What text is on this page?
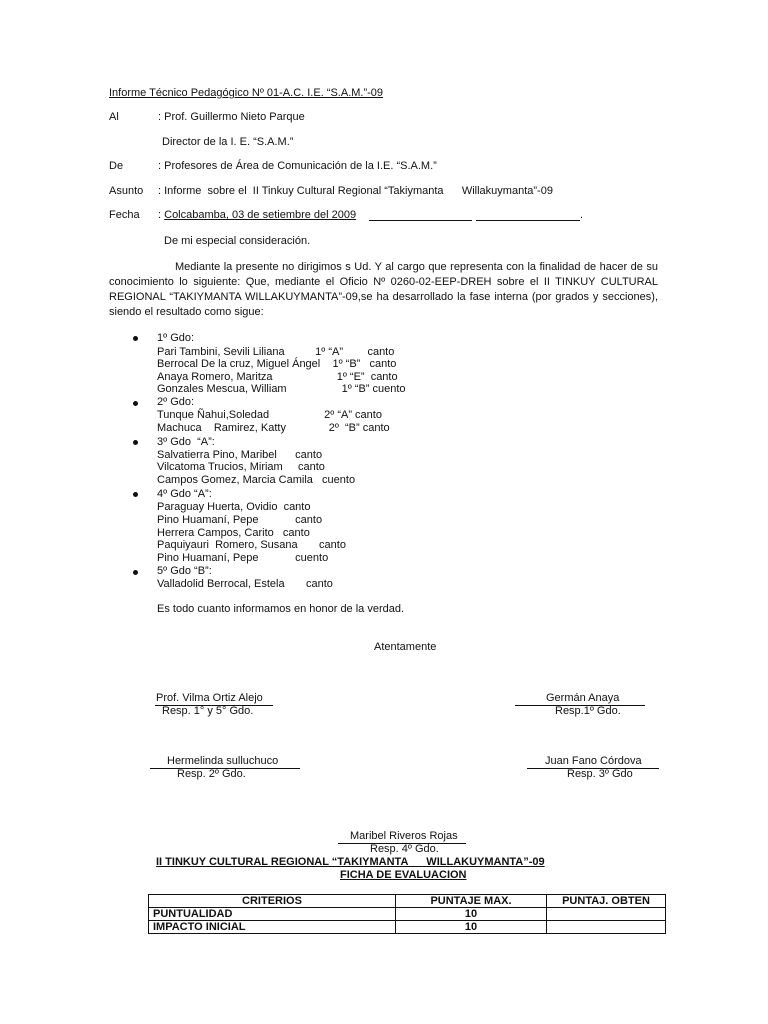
Informe Técnico Pedagógico Nº 01-A.C. I.E. “S.A.M.”-09
Al	: Prof. Guillermo Nieto Parque
Director de la I. E. “S.A.M.”
De	: Profesores de Área de Comunicación de la I.E. “S.A.M.”
Asunto : Informe  sobre el  II Tinkuy Cultural Regional “Takiymanta      Willakuymanta”-09
Fecha : Colcabamba, 03 de setiembre del 2009	.
De mi especial consideración.
Mediante la presente no dirigimos s Ud. Y al cargo que representa con la finalidad de hacer de su conocimiento lo siguiente: Que, mediante el Oficio Nº 0260-02-EEP-DREH sobre el II TINKUY CULTURAL REGIONAL “TAKIYMANTA WILLAKUYMANTA”-09,se ha desarrollado la fase interna (por grados y secciones), siendo el resultado como sigue:
1º Gdo:
Pari Tambini, Sevili Liliana          1º “A”        canto
Berrocal De la cruz, Miguel Ángel    1º “B”   canto
Anaya Romero, Maritza                     1º “E”  canto
Gonzales Mescua, William                  1º “B” cuento
2º Gdo:
Tunque Ñahui,Soledad                  2º “A” canto
Machuca    Ramirez, Katty              2º  “B” canto
3º Gdo  “A”:
Salvatierra Pino, Maribel      canto
Vilcatoma Trucios, Miriam     canto
Campos Gomez, Marcia Camila   cuento
4º Gdo “A”:
Paraguay Huerta, Ovidio  canto
Pino Huamaní, Pepe            canto
Herrera Campos, Carito   canto
Paquiyauri  Romero, Susana       canto
Pino Huamaní, Pepe            cuento
5º Gdo “B”:
Valladolid Berrocal, Estela       canto
Es todo cuanto informamos en honor de la verdad.
Atentamente
Prof. Vilma Ortiz Alejo
Resp. 1° y 5° Gdo.
Germán Anaya
Resp.1º Gdo.
Hermelinda sulluchuco
Resp. 2º Gdo.
Juan Fano Córdova
Resp. 3º Gdo
Maribel Riveros Rojas
Resp. 4º Gdo.
II TINKUY CULTURAL REGIONAL “TAKIYMANTA      WILLAKUYMANTA”-09
FICHA DE EVALUACION
CRITERIOS	PUNTAJE MAX.	PUNTAJ. OBTEN
PUNTUALIDAD	10	
IMPACTO INICIAL	10	
